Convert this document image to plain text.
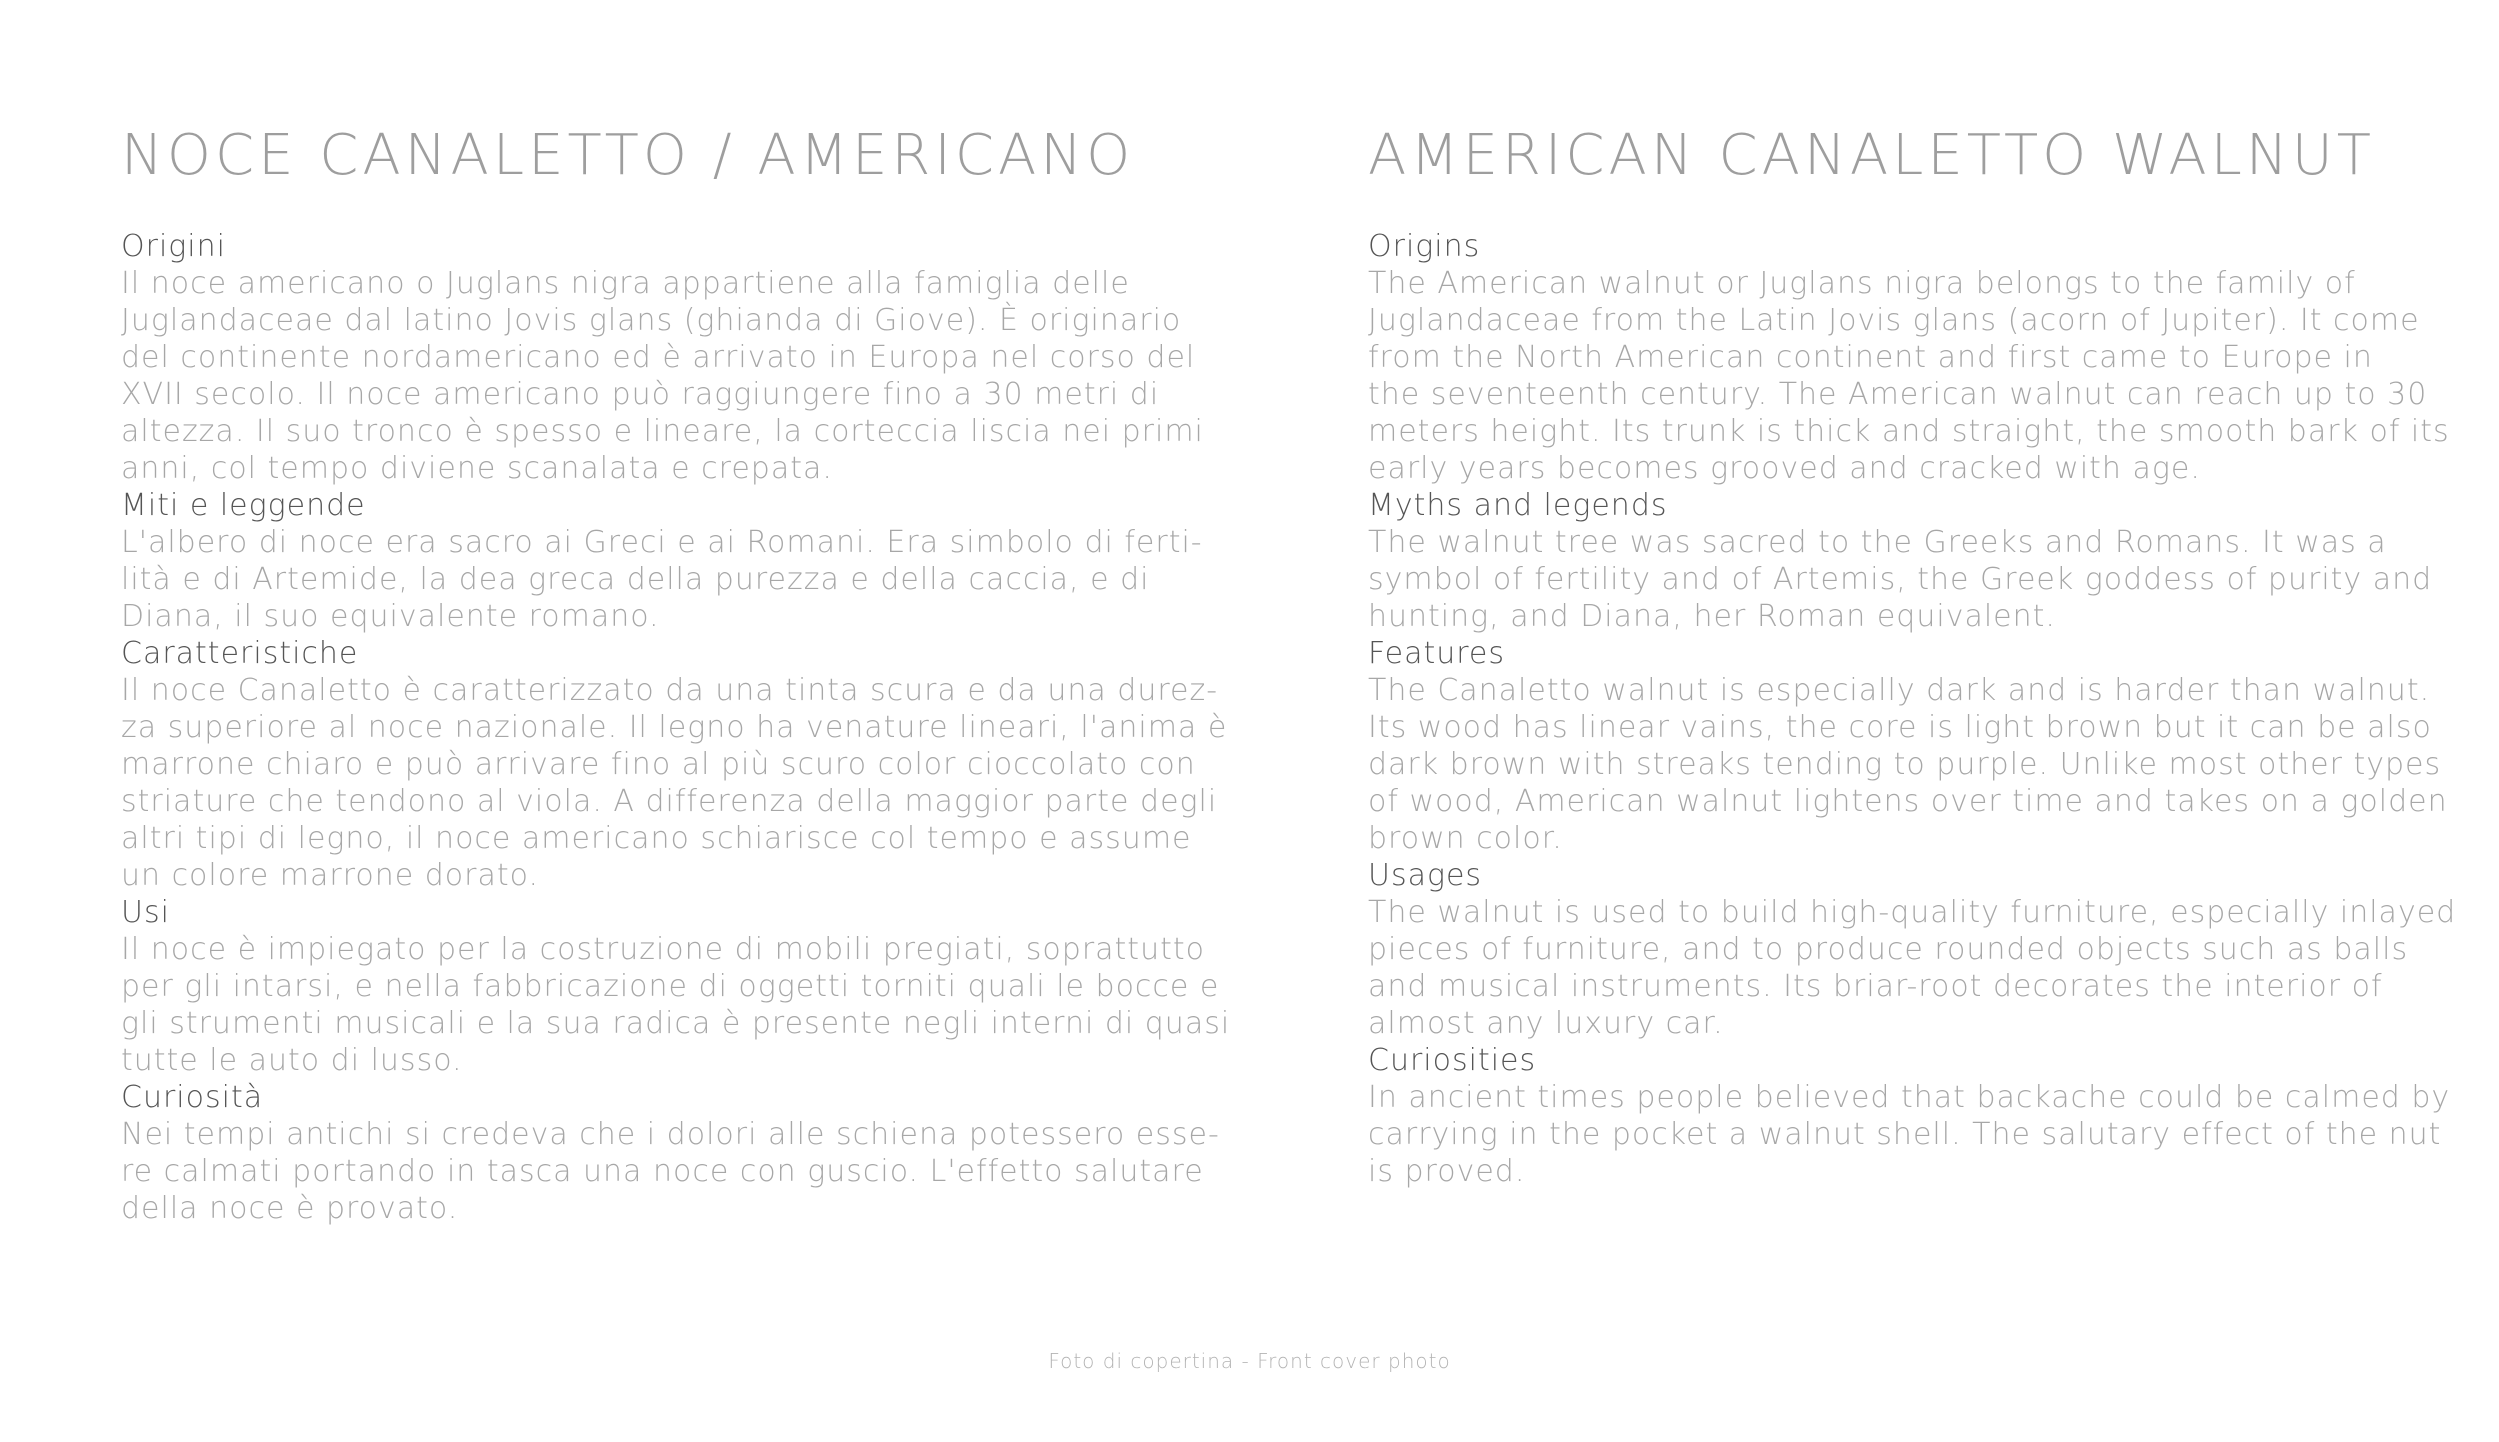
NOCE CANALETTO / AMERICANO
Origini

Il noce americano o Juglans nigra appartiene alla famiglia delle
Juglandaceae dal latino Jovis glans (ghianda di Giove). È originario
del continente nordamericano ed è arrivato in Europa nel corso del
XVII secolo. Il noce americano può raggiungere fino a 30 metri di
altezza. Il suo tronco è spesso e lineare, la corteccia liscia nei primi
anni, col tempo diviene scanalata e crepata.

Miti e leggende

L'albero di noce era sacro ai Greci e ai Romani. Era simbolo di ferti-
lità e di Artemide, la dea greca della purezza e della caccia, e di
Diana, il suo equivalente romano.

Caratteristiche

Il noce Canaletto è caratterizzato da una tinta scura e da una durez-
za superiore al noce nazionale. Il legno ha venature lineari, l'anima è
marrone chiaro e può arrivare fino al più scuro color cioccolato con
striature che tendono al viola. A differenza della maggior parte degli
altri tipi di legno, il noce americano schiarisce col tempo e assume
un colore marrone dorato.

Usi

Il noce è impiegato per la costruzione di mobili pregiati, soprattutto
per gli intarsi, e nella fabbricazione di oggetti torniti quali le bocce e
gli strumenti musicali e la sua radica è presente negli interni di quasi
tutte le auto di lusso.

Curiosità

Nei tempi antichi si credeva che i dolori alle schiena potessero esse-
re calmati portando in tasca una noce con guscio. L'effetto salutare
della noce è provato.

AMERICAN CANALETTO WALNUT
Origins

The American walnut or Juglans nigra belongs to the family of
Juglandaceae from the Latin Jovis glans (acorn of Jupiter). It come
from the North American continent and first came to Europe in
the seventeenth century. The American walnut can reach up to 30
meters height. Its trunk is thick and straight, the smooth bark of its
early years becomes grooved and cracked with age.

Myths and legends

The walnut tree was sacred to the Greeks and Romans. It was a
symbol of fertility and of Artemis, the Greek goddess of purity and
hunting, and Diana, her Roman equivalent.

Features

The Canaletto walnut is especially dark and is harder than walnut.
Its wood has linear vains, the core is light brown but it can be also
dark brown with streaks tending to purple. Unlike most other types
of wood, American walnut lightens over time and takes on a golden
brown color.

Usages

The walnut is used to build high-quality furniture, especially inlayed
pieces of furniture, and to produce rounded objects such as balls
and musical instruments. Its briar-root decorates the interior of
almost any luxury car.

Curiosities

In ancient times people believed that backache could be calmed by
carrying in the pocket a walnut shell. The salutary effect of the nut
is proved.

Foto di copertina - Front cover photo
